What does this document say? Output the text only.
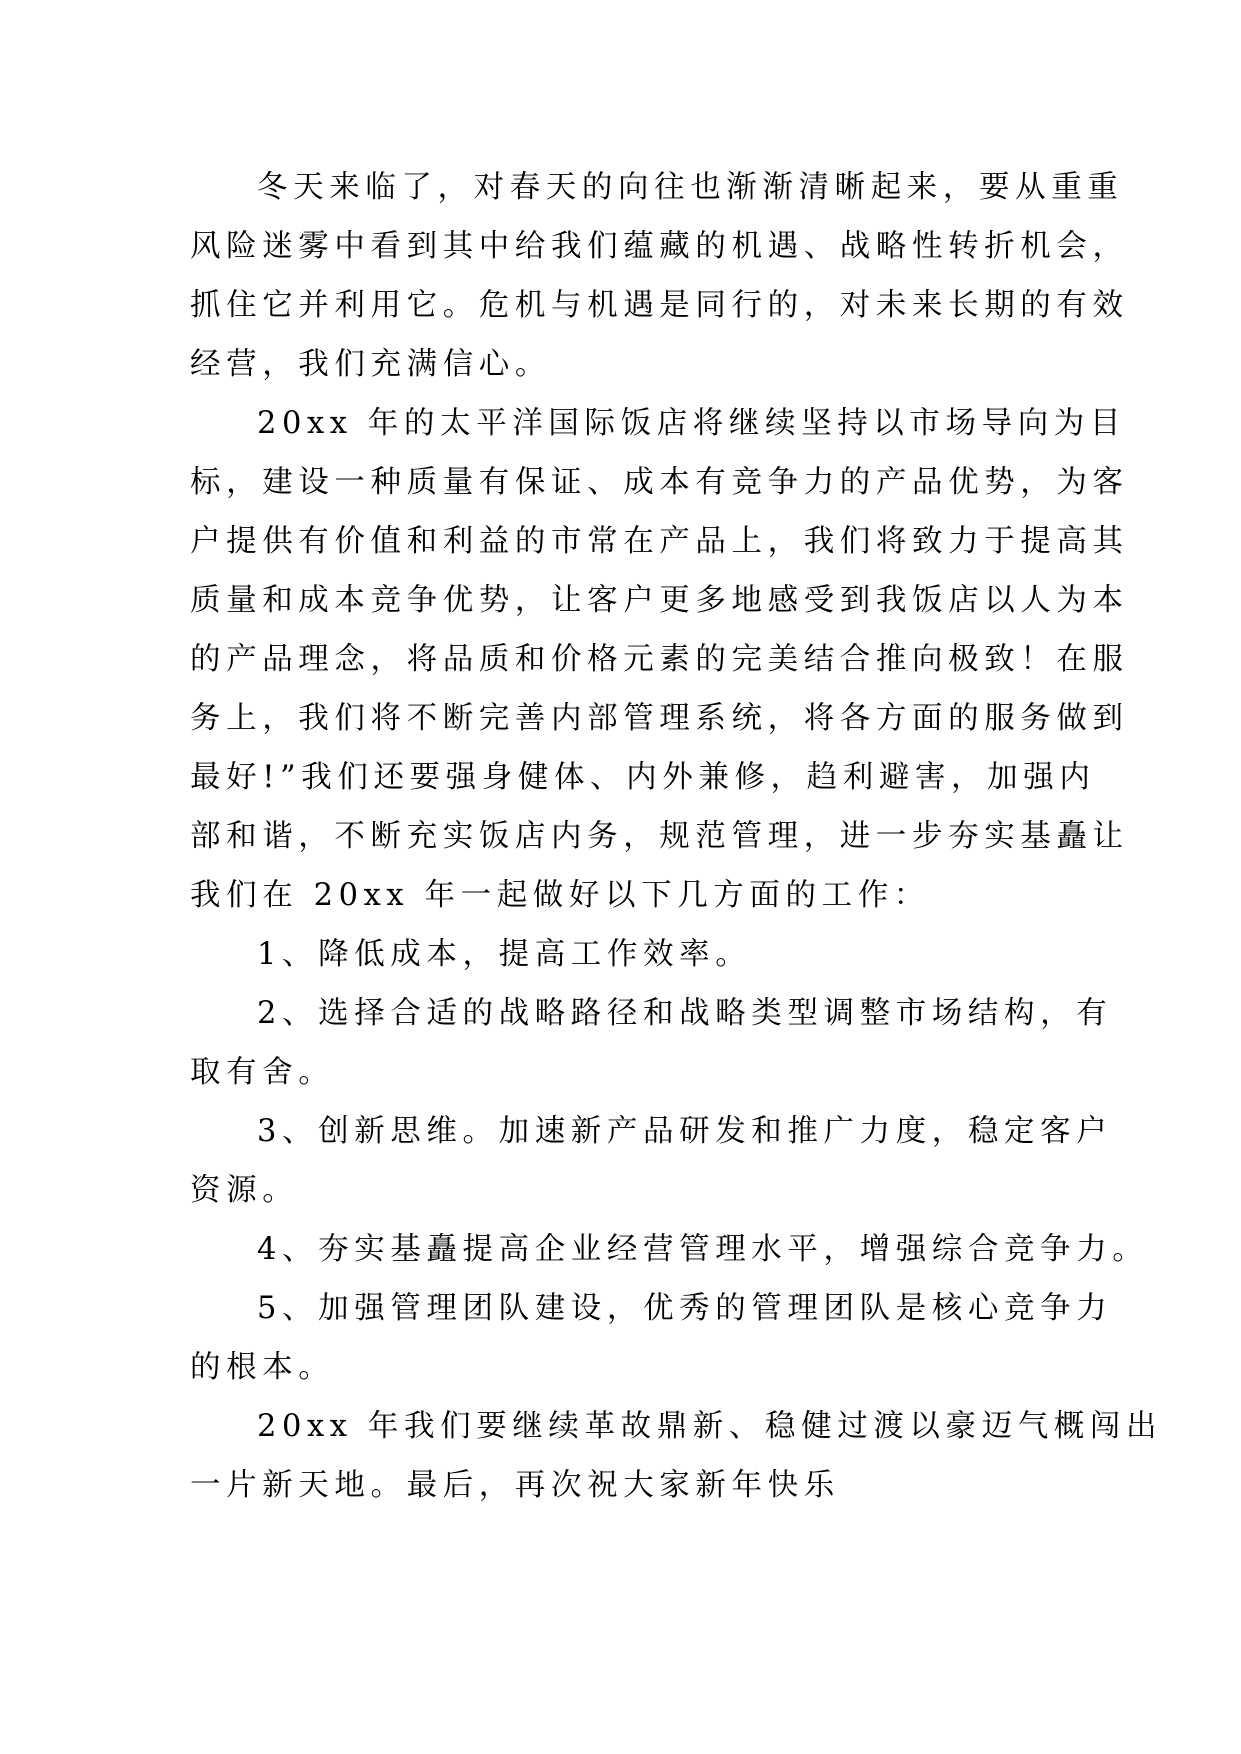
冬天来临了，对春天的向往也渐渐清晰起来，要从重重
风险迷雾中看到其中给我们蕴藏的机遇、战略性转折机会，
抓住它并利用它。危机与机遇是同行的，对未来长期的有效
经营，我们充满信心。
20xx 年的太平洋国际饭店将继续坚持以市场导向为目
标，建设一种质量有保证、成本有竞争力的产品优势，为客
户提供有价值和利益的市常在产品上，我们将致力于提高其
质量和成本竞争优势，让客户更多地感受到我饭店以人为本
的产品理念，将品质和价格元素的完美结合推向极致！在服
务上，我们将不断完善内部管理系统，将各方面的服务做到
最好!”我们还要强身健体、内外兼修，趋利避害，加强内
部和谐，不断充实饭店内务，规范管理，进一步夯实基矗让
我们在 20xx 年一起做好以下几方面的工作：
1、降低成本，提高工作效率。
2、选择合适的战略路径和战略类型调整市场结构，有
取有舍。
3、创新思维。加速新产品研发和推广力度，稳定客户
资源。
4、夯实基矗提高企业经营管理水平，增强综合竞争力。
5、加强管理团队建设，优秀的管理团队是核心竞争力
的根本。
20xx 年我们要继续革故鼎新、稳健过渡以豪迈气概闯出
一片新天地。最后，再次祝大家新年快乐
